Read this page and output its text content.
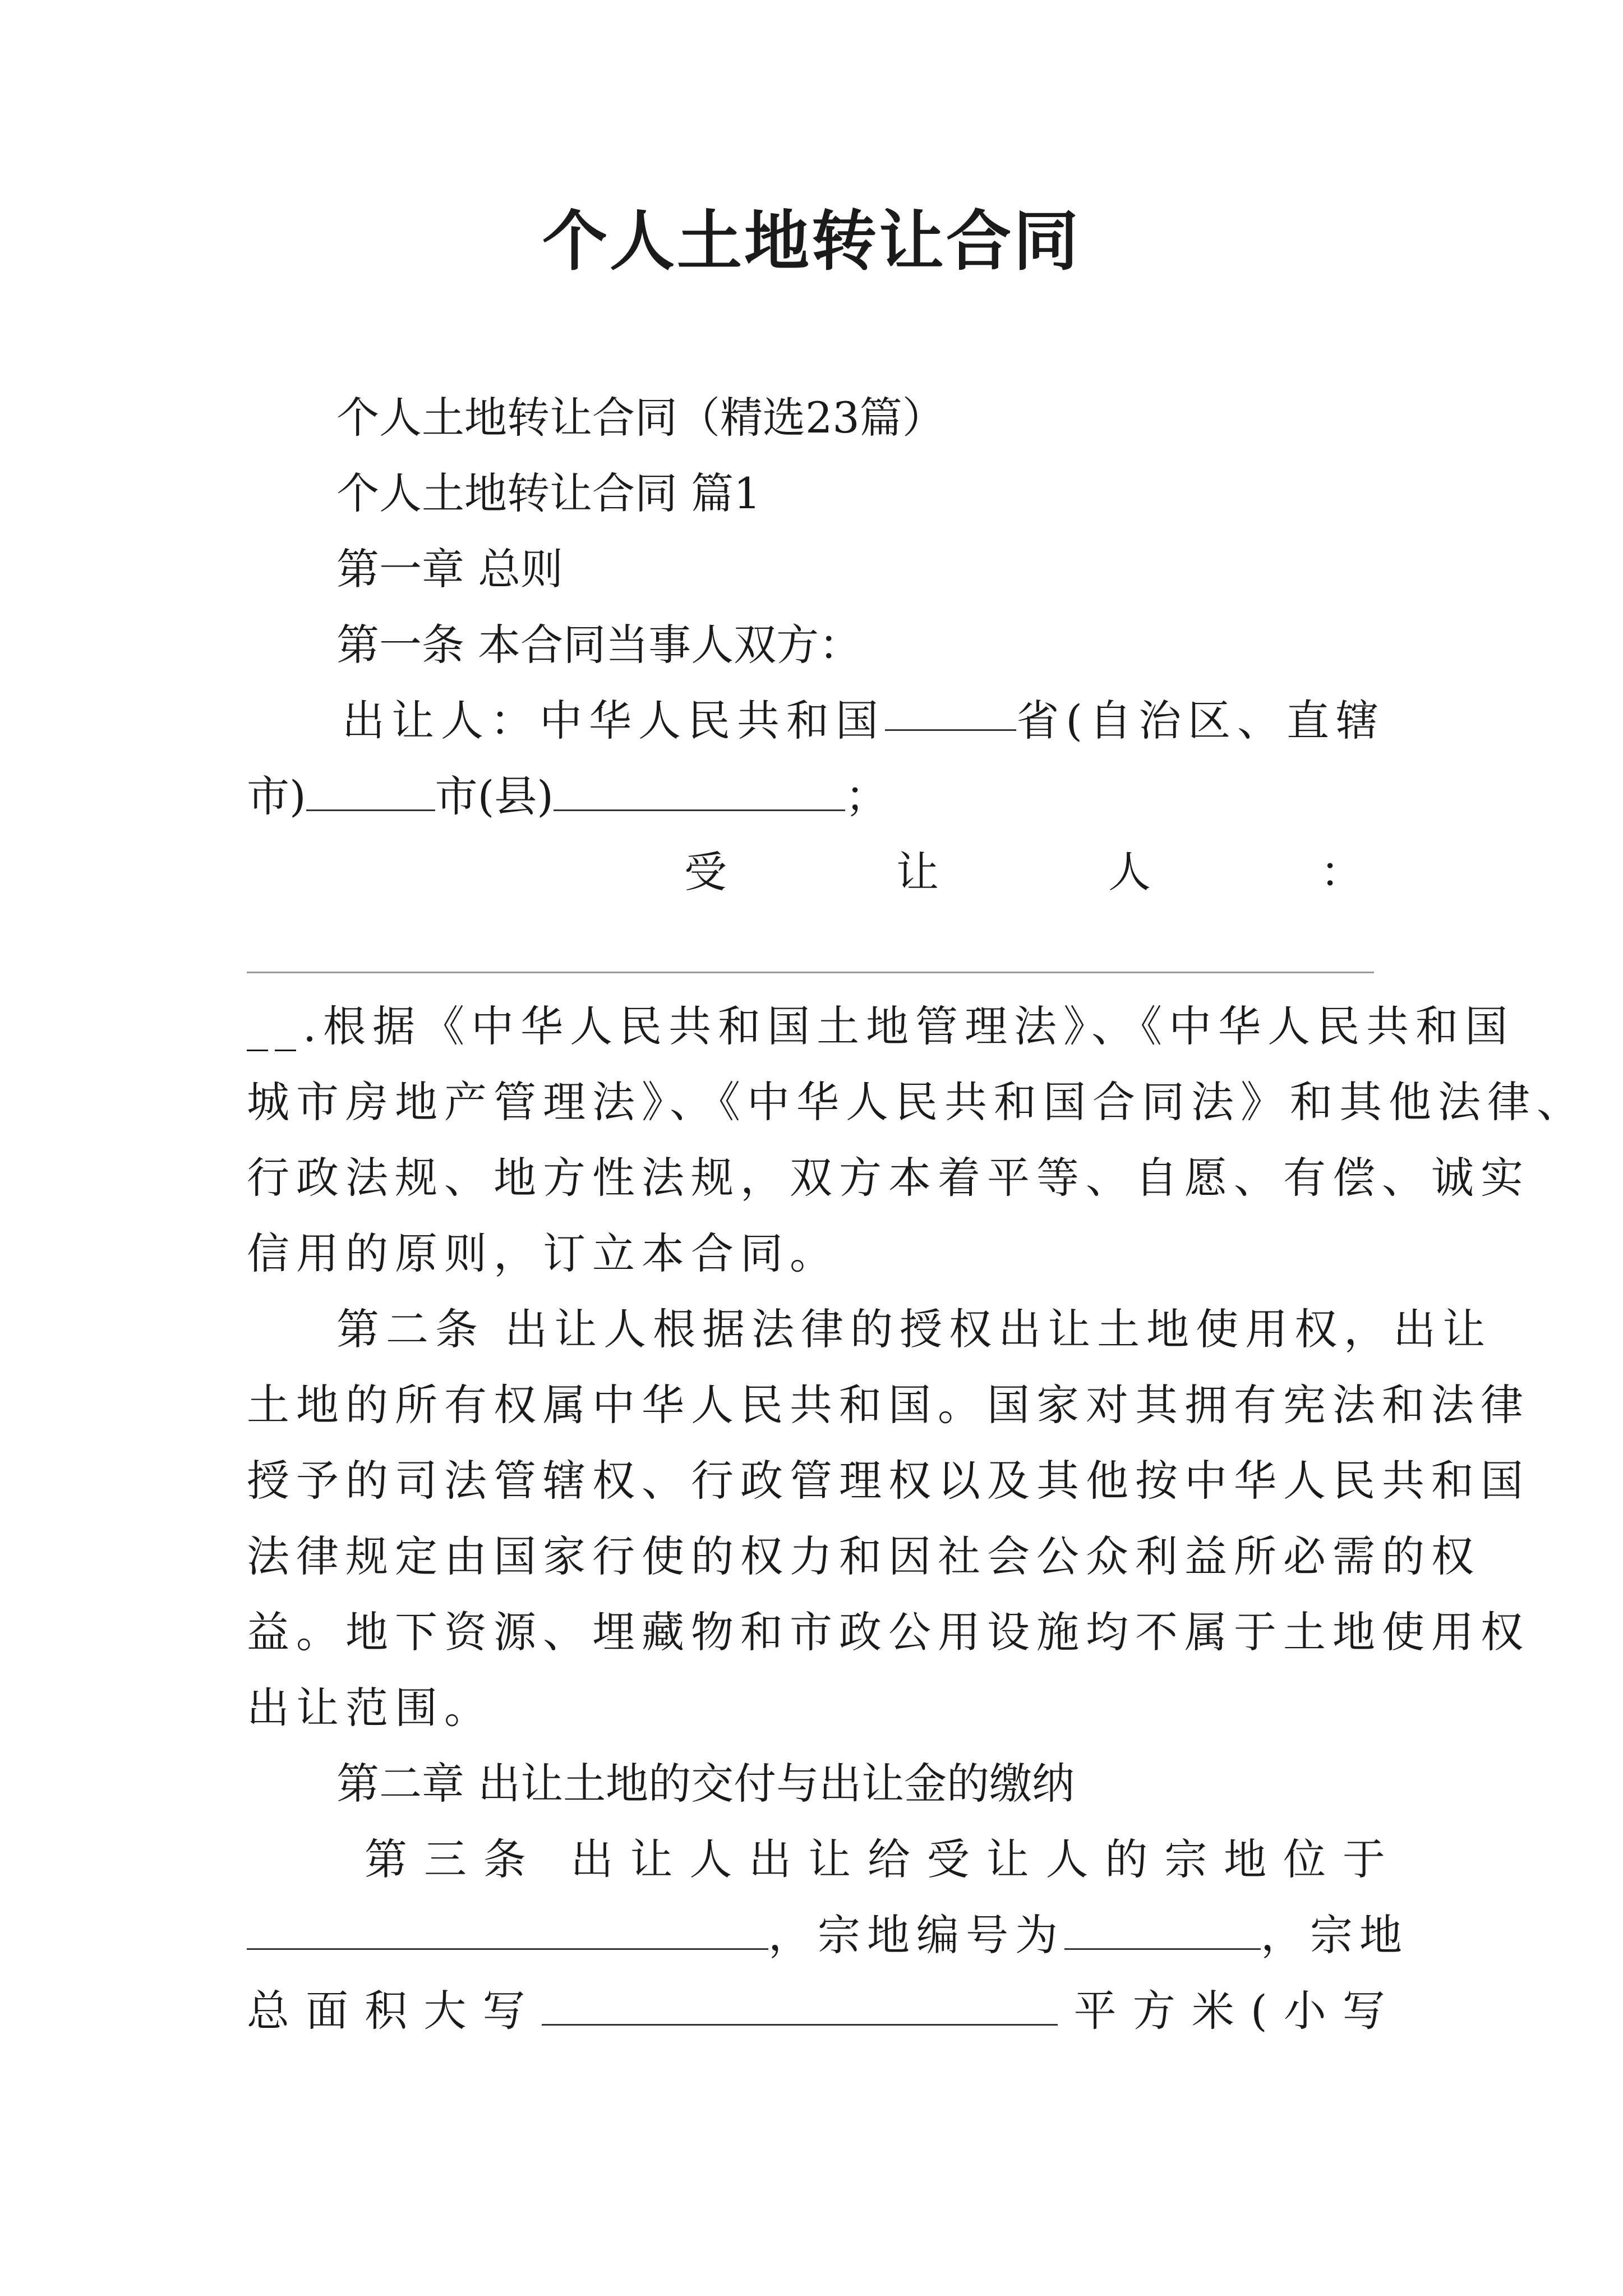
个人土地转让合同
个人土地转让合同（精选23篇）
个人土地转让合同 篇1
第一章 总则
第一条 本合同当事人双方：
出让人：中华人民共和国	省(自治区、直辖
市)	市(县)	；
受	让	人	：
__.根据《中华人民共和国土地管理法》、《中华人民共和国
城市房地产管理法》、《中华人民共和国合同法》和其他法律、
行政法规、地方性法规，双方本着平等、自愿、有偿、诚实
信用的原则，订立本合同。
第二条 出让人根据法律的授权出让土地使用权，出让
土地的所有权属中华人民共和国。国家对其拥有宪法和法律
授予的司法管辖权、行政管理权以及其他按中华人民共和国
法律规定由国家行使的权力和因社会公众利益所必需的权
益。地下资源、埋藏物和市政公用设施均不属于土地使用权
出让范围。
第二章 出让土地的交付与出让金的缴纳
第 三 条 出 让 人 出 让 给 受 让 人 的 宗 地 位 于
，宗地编号为	，宗地
总 面 积 大 写	平 方 米 ( 小 写
